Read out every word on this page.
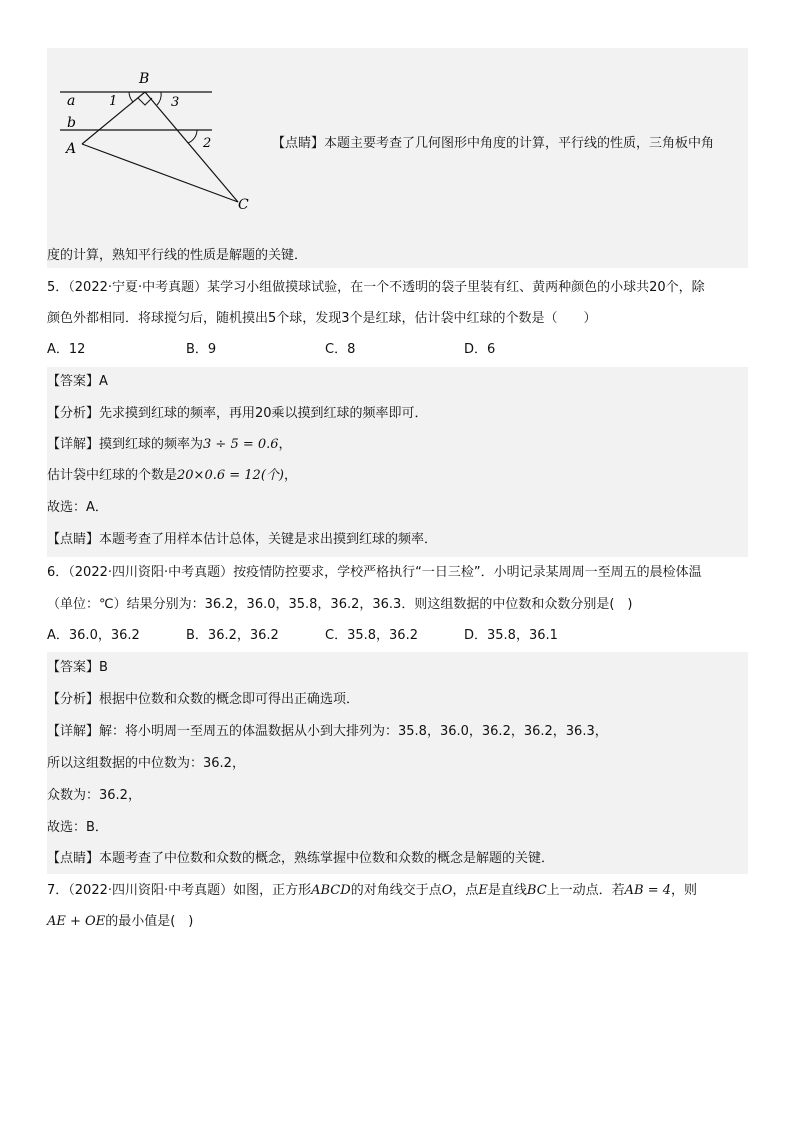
B
a
b
A
C
1
2
3
【点睛】本题主要考查了几何图形中角度的计算，平行线的性质，三角板中角
度的计算，熟知平行线的性质是解题的关键．
5．（2022·宁夏·中考真题）某学习小组做摸球试验，在一个不透明的袋子里装有红、黄两种颜色的小球共20个，除
颜色外都相同．将球搅匀后，随机摸出5个球，发现3个是红球，估计袋中红球的个数是（　　）
A．12	B．9	C．8	D．6
【答案】A
【分析】先求摸到红球的频率，再用20乘以摸到红球的频率即可．
【详解】摸到红球的频率为3 ÷ 5 = 0.6，
估计袋中红球的个数是20×0.6 = 12(个)，
故选：A．
【点睛】本题考查了用样本估计总体，关键是求出摸到红球的频率．
6．（2022·四川资阳·中考真题）按疫情防控要求，学校严格执行“一日三检”．小明记录某周周一至周五的晨检体温
（单位：℃）结果分别为：36.2，36.0，35.8，36.2，36.3．则这组数据的中位数和众数分别是(　)
A．36.0，36.2	B．36.2，36.2	C．35.8，36.2	D．35.8，36.1
【答案】B
【分析】根据中位数和众数的概念即可得出正确选项．
【详解】解：将小明周一至周五的体温数据从小到大排列为：35.8，36.0，36.2，36.2，36.3，
所以这组数据的中位数为：36.2，
众数为：36.2，
故选：B．
【点睛】本题考查了中位数和众数的概念，熟练掌握中位数和众数的概念是解题的关键．
7．（2022·四川资阳·中考真题）如图，正方形ABCD的对角线交于点O，点E是直线BC上一动点．若AB = 4，则
AE + OE的最小值是(　)
